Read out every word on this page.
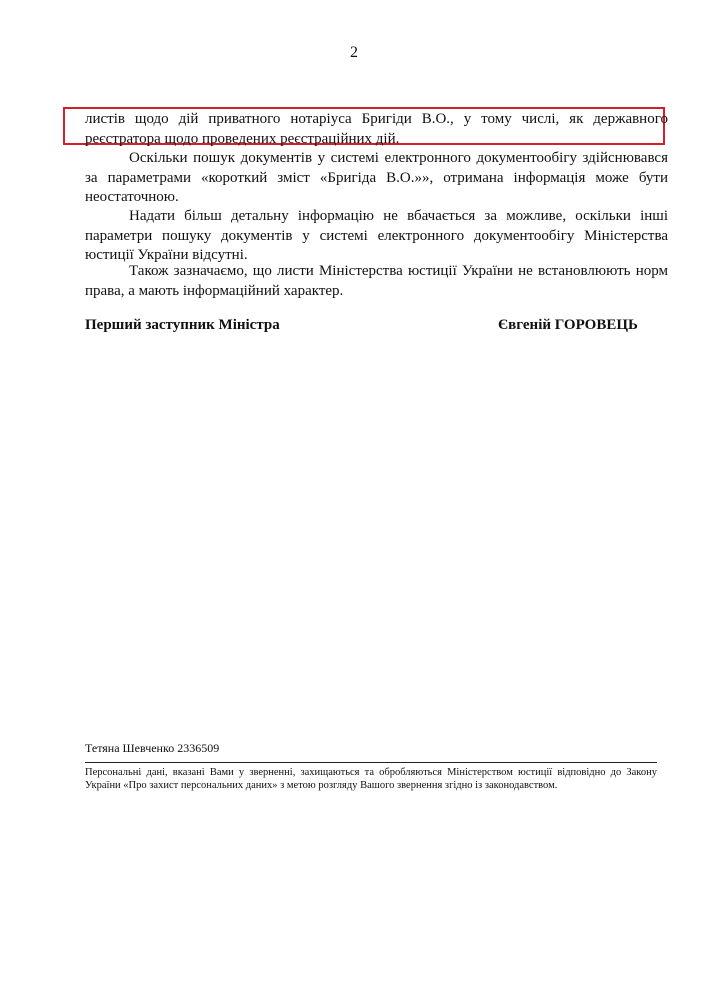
2
листів щодо дій приватного нотаріуса Бригіди В.О., у тому числі, як державного реєстратора щодо проведених реєстраційних дій.
Оскільки пошук документів у системі електронного документообігу здійснювався за параметрами «короткий зміст «Бригіда В.О.»», отримана інформація може бути неостаточною.
Надати більш детальну інформацію не вбачається за можливе, оскільки інші параметри пошуку документів у системі електронного документообігу Міністерства юстиції України відсутні.
Також зазначаємо, що листи Міністерства юстиції України не встановлюють норм права, а мають інформаційний характер.
Перший заступник Міністра	Євгеній ГОРОВЕЦЬ
Тетяна Шевченко 2336509
Персональні дані, вказані Вами у зверненні, захищаються та обробляються Міністерством юстиції відповідно до Закону України «Про захист персональних даних» з метою розгляду Вашого звернення згідно із законодавством.
